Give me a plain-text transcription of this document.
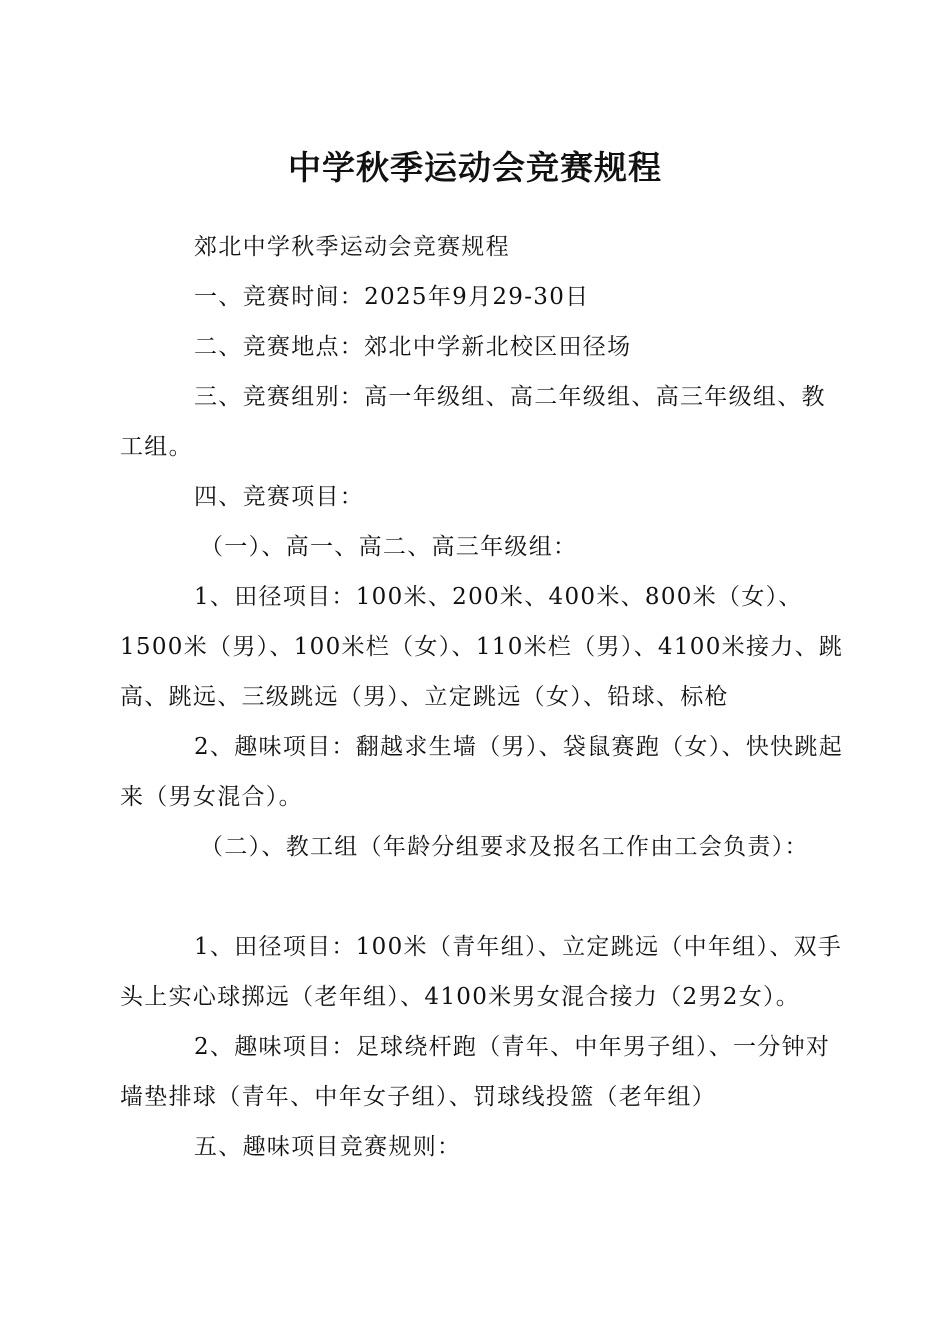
中学秋季运动会竞赛规程

郊北中学秋季运动会竞赛规程

一、竞赛时间：2025年9月29-30日

二、竞赛地点：郊北中学新北校区田径场

三、竞赛组别：高一年级组、高二年级组、高三年级组、教工组。

四、竞赛项目：

（一）、高一、高二、高三年级组：

1、田径项目：100米、200米、400米、800米（女）、1500米（男）、100米栏（女）、110米栏（男）、4100米接力、跳高、跳远、三级跳远（男）、立定跳远（女）、铅球、标枪

2、趣味项目：翻越求生墙（男）、袋鼠赛跑（女）、快快跳起来（男女混合）。

（二）、教工组（年龄分组要求及报名工作由工会负责）：

1、田径项目：100米（青年组）、立定跳远（中年组）、双手头上实心球掷远（老年组）、4100米男女混合接力（2男2女）。

2、趣味项目：足球绕杆跑（青年、中年男子组）、一分钟对墙垫排球（青年、中年女子组）、罚球线投篮（老年组）

五、趣味项目竞赛规则：
